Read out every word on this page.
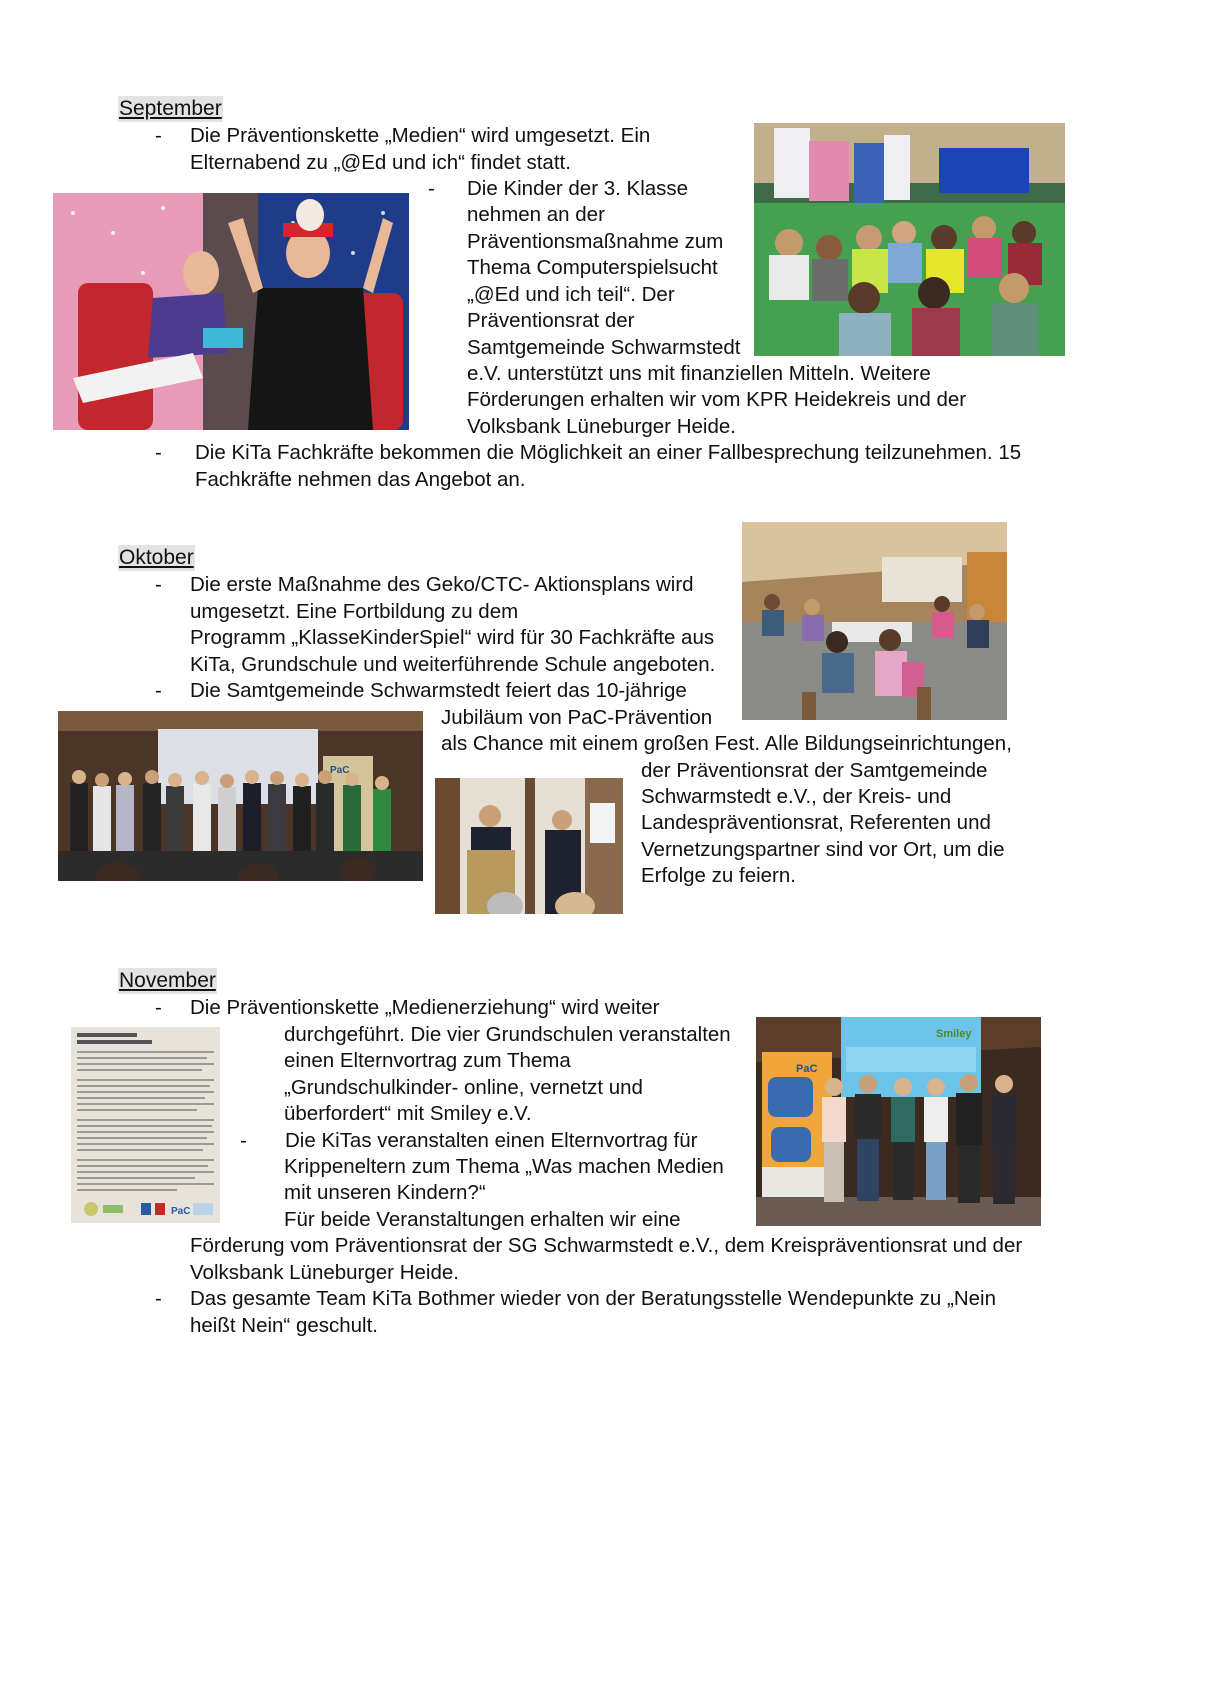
September
- Die Präventionskette „Medien“ wird umgesetzt. Ein

Elternabend zu „@Ed und ich“ findet statt.

- Die Kinder der 3. Klasse

nehmen an der

Präventionsmaßnahme zum

Thema Computerspielsucht

„@Ed und ich teil“. Der

Präventionsrat der

Samtgemeinde Schwarmstedt

e.V. unterstützt uns mit finanziellen Mitteln. Weitere

Förderungen erhalten wir vom KPR Heidekreis und der

Volksbank Lüneburger Heide.

- Die KiTa Fachkräfte bekommen die Möglichkeit an einer Fallbesprechung teilzunehmen. 15

Fachkräfte nehmen das Angebot an.

Oktober
- Die erste Maßnahme des Geko/CTC- Aktionsplans wird

umgesetzt. Eine Fortbildung zu dem

Programm „KlasseKinderSpiel“ wird für 30 Fachkräfte aus

KiTa, Grundschule und weiterführende Schule angeboten.

- Die Samtgemeinde Schwarmstedt feiert das 10-jährige

Jubiläum von PaC-Prävention

als Chance mit einem großen Fest. Alle Bildungseinrichtungen,

der Präventionsrat der Samtgemeinde

Schwarmstedt e.V., der Kreis- und

Landespräventionsrat, Referenten und

Vernetzungspartner sind vor Ort, um die

Erfolge zu feiern.

PaC
November
- Die Präventionskette „Medienerziehung“ wird weiter

durchgeführt. Die vier Grundschulen veranstalten

einen Elternvortrag zum Thema

„Grundschulkinder- online, vernetzt und

überfordert“ mit Smiley e.V.

- Die KiTas veranstalten einen Elternvortrag für

Krippeneltern zum Thema „Was machen Medien

mit unseren Kindern?“

Für beide Veranstaltungen erhalten wir eine

Förderung vom Präventionsrat der SG Schwarmstedt e.V., dem Kreispräventionsrat und der

Volksbank Lüneburger Heide.

- Das gesamte Team KiTa Bothmer wieder von der Beratungsstelle Wendepunkte zu „Nein

heißt Nein“ geschult.

PaC
Smiley
PaC
